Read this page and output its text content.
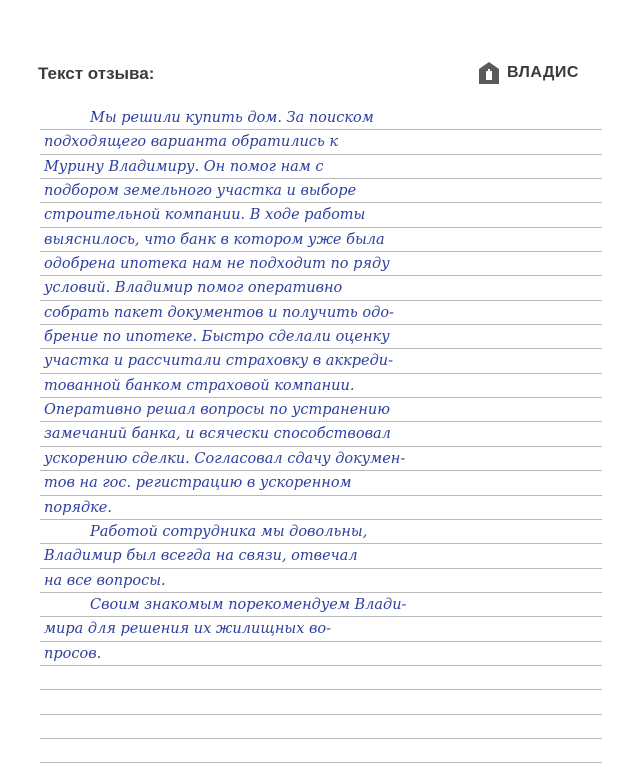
Текст отзыва:	ВЛАДИС
Мы решили купить дом. За поиском
подходящего варианта обратились к
Мурину Владимиру. Он помог нам с
подбором земельного участка и выборе
строительной компании. В ходе работы
выяснилось, что банк в котором уже была
одобрена ипотека нам не подходит по ряду
условий. Владимир помог оперативно
собрать пакет документов и получить одо-
брение по ипотеке. Быстро сделали оценку
участка и рассчитали страховку в аккреди-
тованной банком страховой компании.
Оперативно решал вопросы по устранению
замечаний банка, и всячески способствовал
ускорению сделки. Согласовал сдачу докумен-
тов на гос. регистрацию в ускоренном
порядке.
Работой сотрудника мы довольны,
Владимир был всегда на связи, отвечал
на все вопросы.
Своим знакомым порекомендуем Влади-
мира для решения их жилищных во-
просов.
